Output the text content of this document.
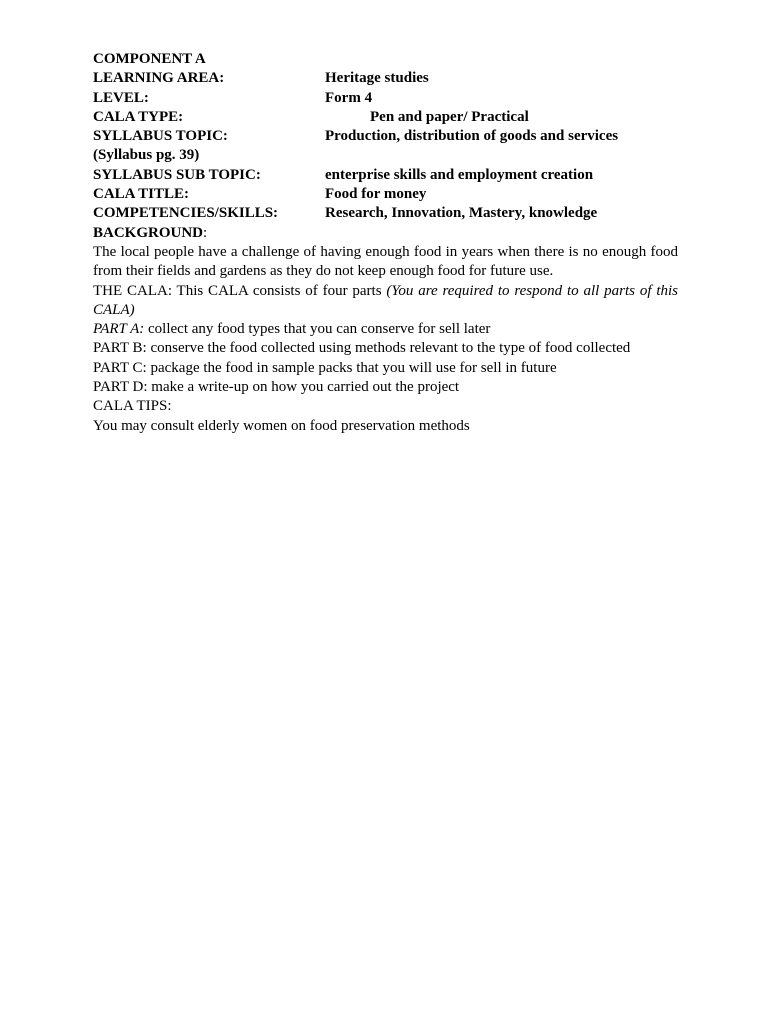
COMPONENT A
LEARNING AREA:	Heritage studies
LEVEL:	Form 4
CALA TYPE:	Pen and paper/ Practical
SYLLABUS TOPIC:	Production, distribution of goods and services
(Syllabus pg. 39)
SYLLABUS SUB TOPIC:	enterprise skills and employment creation
CALA TITLE:	Food for money
COMPETENCIES/SKILLS:	Research, Innovation, Mastery, knowledge
BACKGROUND:

The local people have a challenge of having enough food in years when there is no enough food from their fields and gardens as they do not keep enough food for future use.

THE CALA: This CALA consists of four parts (You are required to respond to all parts of this CALA)

PART A: collect any food types that you can conserve for sell later
PART B: conserve the food collected using methods relevant to the type of food collected
PART C: package the food in sample packs that you will use for sell in future
PART D: make a write-up on how you carried out the project
CALA TIPS:
You may consult elderly women on food preservation methods
